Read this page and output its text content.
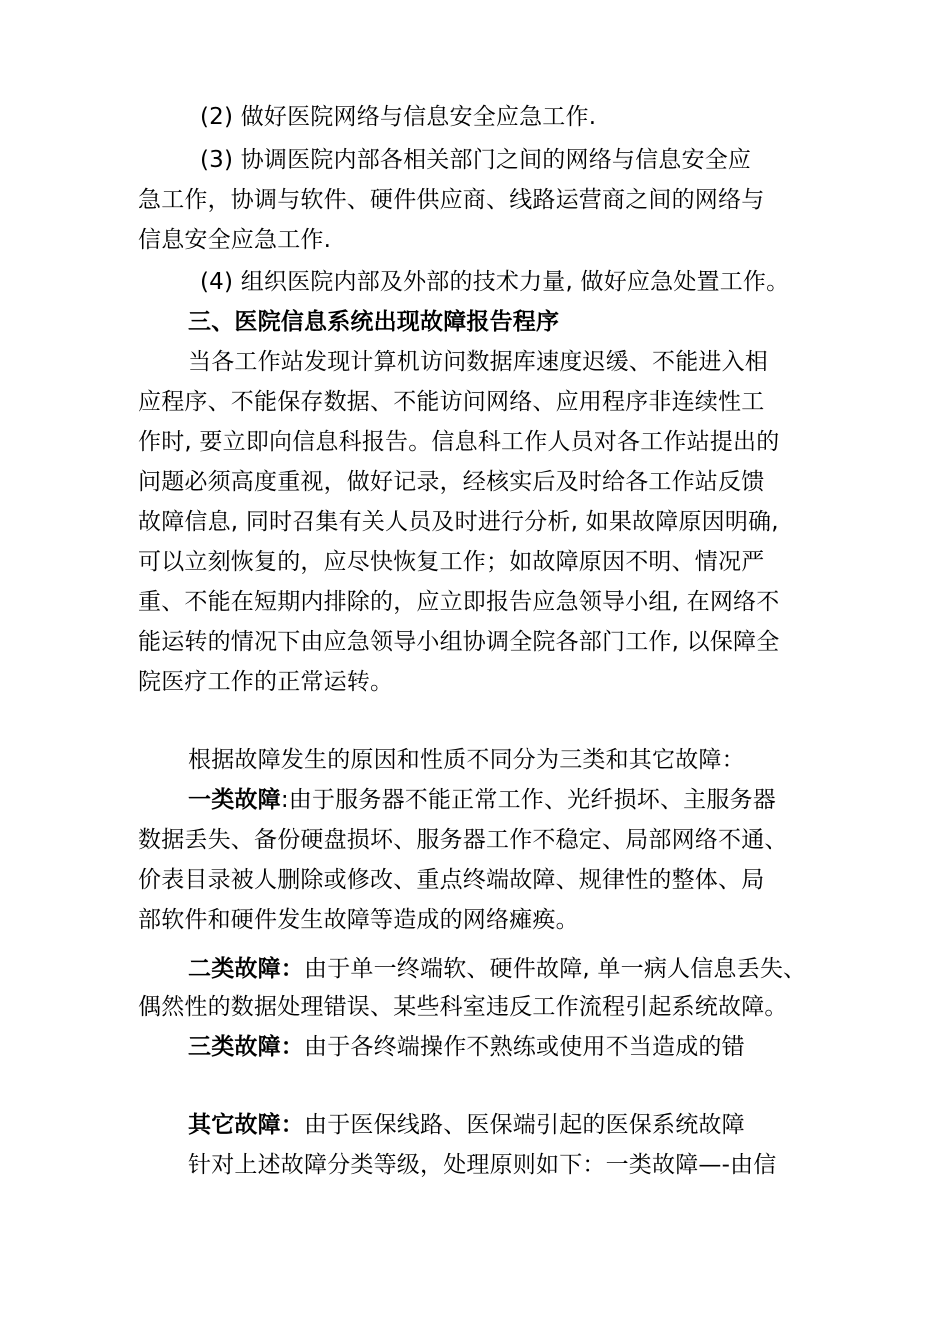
(2) 做好医院网络与信息安全应急工作.
(3) 协调医院内部各相关部门之间的网络与信息安全应
急工作，协调与软件、硬件供应商、线路运营商之间的网络与
信息安全应急工作.
(4) 组织医院内部及外部的技术力量, 做好应急处置工作。
三、医院信息系统出现故障报告程序
当各工作站发现计算机访问数据库速度迟缓、不能进入相
应程序、不能保存数据、不能访问网络、应用程序非连续性工
作时, 要立即向信息科报告。信息科工作人员对各工作站提出的
问题必须高度重视，做好记录，经核实后及时给各工作站反馈
故障信息, 同时召集有关人员及时进行分析, 如果故障原因明确,
可以立刻恢复的，应尽快恢复工作；如故障原因不明、情况严
重、不能在短期内排除的，应立即报告应急领导小组, 在网络不
能运转的情况下由应急领导小组协调全院各部门工作, 以保障全
院医疗工作的正常运转。
根据故障发生的原因和性质不同分为三类和其它故障：
一类故障:由于服务器不能正常工作、光纤损坏、主服务器
数据丢失、备份硬盘损坏、服务器工作不稳定、局部网络不通、
价表目录被人删除或修改、重点终端故障、规律性的整体、局
部软件和硬件发生故障等造成的网络瘫痪。
二类故障：由于单一终端软、硬件故障, 单一病人信息丢失、
偶然性的数据处理错误、某些科室违反工作流程引起系统故障。
三类故障：由于各终端操作不熟练或使用不当造成的错
其它故障：由于医保线路、医保端引起的医保系统故障
针对上述故障分类等级，处理原则如下：一类故障—-由信
